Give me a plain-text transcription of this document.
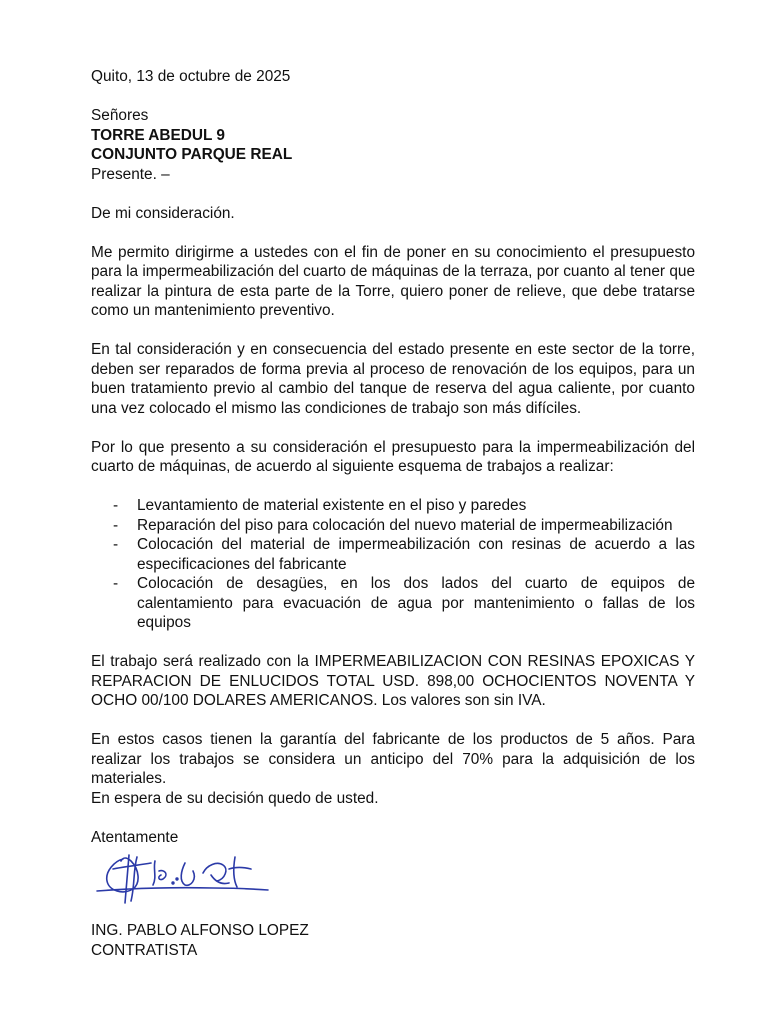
Quito, 13 de octubre de 2025

Señores

TORRE ABEDUL 9

CONJUNTO PARQUE REAL

Presente. –

De mi consideración.

Me permito dirigirme a ustedes con el fin de poner en su conocimiento el presupuesto para la impermeabilización del cuarto de máquinas de la terraza, por cuanto al tener que realizar la pintura de esta parte de la Torre, quiero poner de relieve, que debe tratarse como un mantenimiento preventivo.

En tal consideración y en consecuencia del estado presente en este sector de la torre, deben ser reparados de forma previa al proceso de renovación de los equipos, para un buen tratamiento previo al cambio del tanque de reserva del agua caliente, por cuanto una vez colocado el mismo las condiciones de trabajo son más difíciles.

Por lo que presento a su consideración el presupuesto para la impermeabilización del cuarto de máquinas, de acuerdo al siguiente esquema de trabajos a realizar:

- Levantamiento de material existente en el piso y paredes
- Reparación del piso para colocación del nuevo material de impermeabilización
- Colocación del material de impermeabilización con resinas de acuerdo a las especificaciones del fabricante
- Colocación de desagües, en los dos lados del cuarto de equipos de calentamiento para evacuación de agua por mantenimiento o fallas de los equipos

El trabajo será realizado con la IMPERMEABILIZACION CON RESINAS EPOXICAS Y REPARACION DE ENLUCIDOS TOTAL USD. 898,00 OCHOCIENTOS NOVENTA Y OCHO 00/100 DOLARES AMERICANOS. Los valores son sin IVA.

En estos casos tienen la garantía del fabricante de los productos de 5 años. Para realizar los trabajos se considera un anticipo del 70% para la adquisición de los materiales.

En espera de su decisión quedo de usted.

Atentamente

ING. PABLO ALFONSO LOPEZ

CONTRATISTA
